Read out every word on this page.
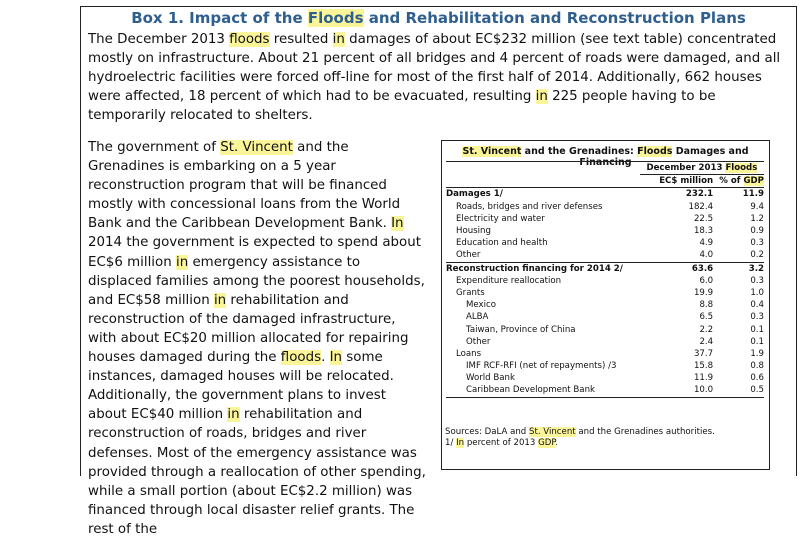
Box 1. Impact of the Floods and Rehabilitation and Reconstruction Plans
The December 2013 floods resulted in damages of about EC$232 million (see text table) concentrated mostly on infrastructure. About 21 percent of all bridges and 4 percent of roads were damaged, and all hydroelectric facilities were forced off-line for most of the first half of 2014. Additionally, 662 houses were affected, 18 percent of which had to be evacuated, resulting in 225 people having to be temporarily relocated to shelters.
The government of St. Vincent and the Grenadines is embarking on a 5 year reconstruction program that will be financed mostly with concessional loans from the World Bank and the Caribbean Development Bank. In 2014 the government is expected to spend about EC$6 million in emergency assistance to displaced families among the poorest households, and EC$58 million in rehabilitation and reconstruction of the damaged infrastructure, with about EC$20 million allocated for repairing houses damaged during the floods. In some instances, damaged houses will be relocated. Additionally, the government plans to invest about EC$40 million in rehabilitation and reconstruction of roads, bridges and river defenses. Most of the emergency assistance was provided through a reallocation of other spending, while a small portion (about EC$2.2 million) was financed through local disaster relief grants. The rest of the
St. Vincent and the Grenadines: Floods Damages and Financing
	December 2013 Floods	
	EC$ million	% of GDP
Damages 1/	232.1	11.9
Roads, bridges and river defenses	182.4	9.4
Electricity and water	22.5	1.2
Housing	18.3	0.9
Education and health	4.9	0.3
Other	4.0	0.2
Reconstruction financing for 2014 2/	63.6	3.2
Expenditure reallocation	6.0	0.3
Grants	19.9	1.0
Mexico	8.8	0.4
ALBA	6.5	0.3
Taiwan, Province of China	2.2	0.1
Other	2.4	0.1
Loans	37.7	1.9
IMF RCF-RFI (net of repayments) /3	15.8	0.8
World Bank	11.9	0.6
Caribbean Development Bank	10.0	0.5
Sources: DaLA and St. Vincent and the Grenadines authorities.
1/ In percent of 2013 GDP.
